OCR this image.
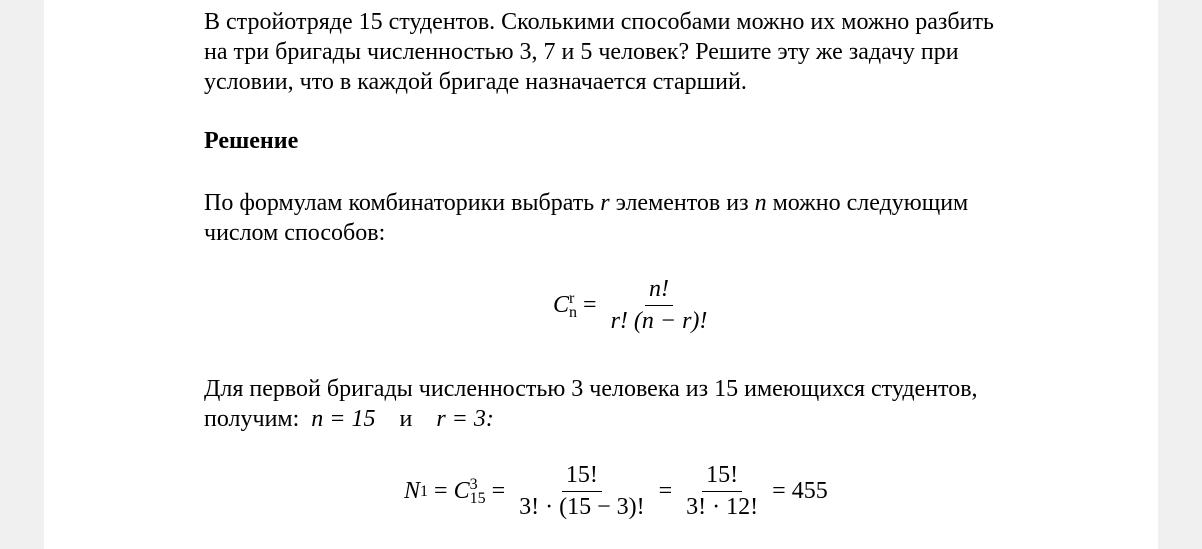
В стройотряде 15 студентов. Сколькими способами можно их можно разбить
на три бригады численностью 3, 7 и 5 человек? Решите эту же задачу при
условии, что в каждой бригаде назначается старший.

Решение

По формулам комбинаторики выбрать r элементов из n можно следующим
числом способов:

C r
$n = \frac{n!}{r! (n - r)!}$

Для первой бригады численностью 3 человека из 15 имеющихся студентов,
получим: n = 15 и r = 3:

N 1 = C 3
$15 = \frac{15!}{3! \cdot (15 - 3)!} = \frac{15!}{3! \cdot 12!} = 455$
